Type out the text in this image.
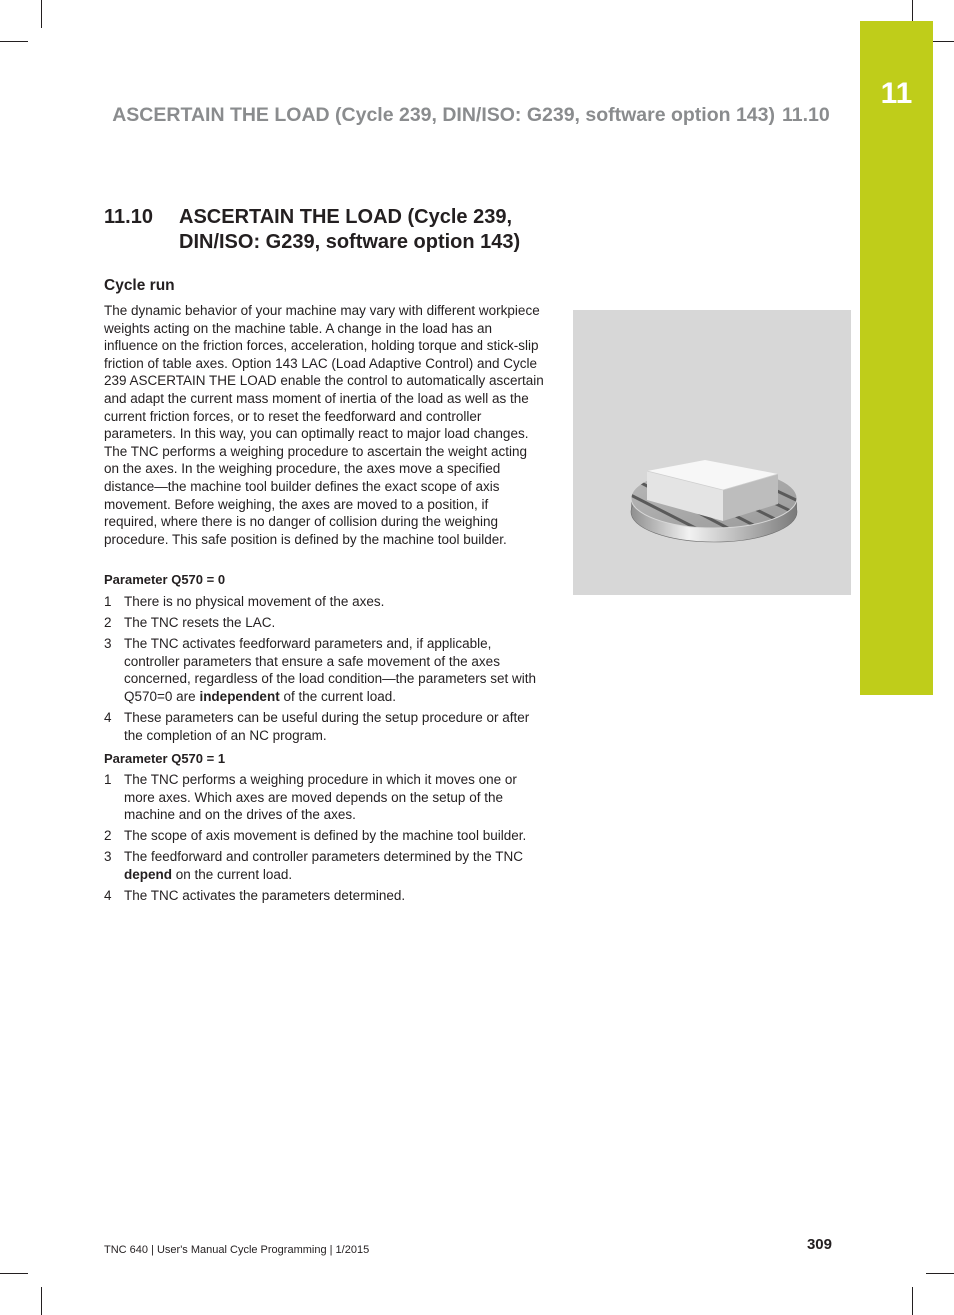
11
ASCERTAIN THE LOAD (Cycle 239, DIN/ISO: G239, software option 143) 11.10
11.10 ASCERTAIN THE LOAD (Cycle 239, DIN/ISO: G239, software option 143)
Cycle run

The dynamic behavior of your machine may vary with different workpiece weights acting on the machine table. A change in the load has an influence on the friction forces, acceleration, holding torque and stick-slip friction of table axes. Option 143 LAC (Load Adaptive Control) and Cycle 239 ASCERTAIN THE LOAD enable the control to automatically ascertain and adapt the current mass moment of inertia of the load as well as the current friction forces, or to reset the feedforward and controller parameters. In this way, you can optimally react to major load changes. The TNC performs a weighing procedure to ascertain the weight acting on the axes. In the weighing procedure, the axes move a specified distance—the machine tool builder defines the exact scope of axis movement. Before weighing, the axes are moved to a position, if required, where there is no danger of collision during the weighing procedure. This safe position is defined by the machine tool builder.

Parameter Q570 = 0
1 There is no physical movement of the axes.
2 The TNC resets the LAC.
3 The TNC activates feedforward parameters and, if applicable, controller parameters that ensure a safe movement of the axes concerned, regardless of the load condition—the parameters set with Q570=0 are independent of the current load.
4 These parameters can be useful during the setup procedure or after the completion of an NC program.
Parameter Q570 = 1
1 The TNC performs a weighing procedure in which it moves one or more axes. Which axes are moved depends on the setup of the machine and on the drives of the axes.
2 The scope of axis movement is defined by the machine tool builder.
3 The feedforward and controller parameters determined by the TNC depend on the current load.
4 The TNC activates the parameters determined.
TNC 640 | User's Manual Cycle Programming | 1/2015	309
